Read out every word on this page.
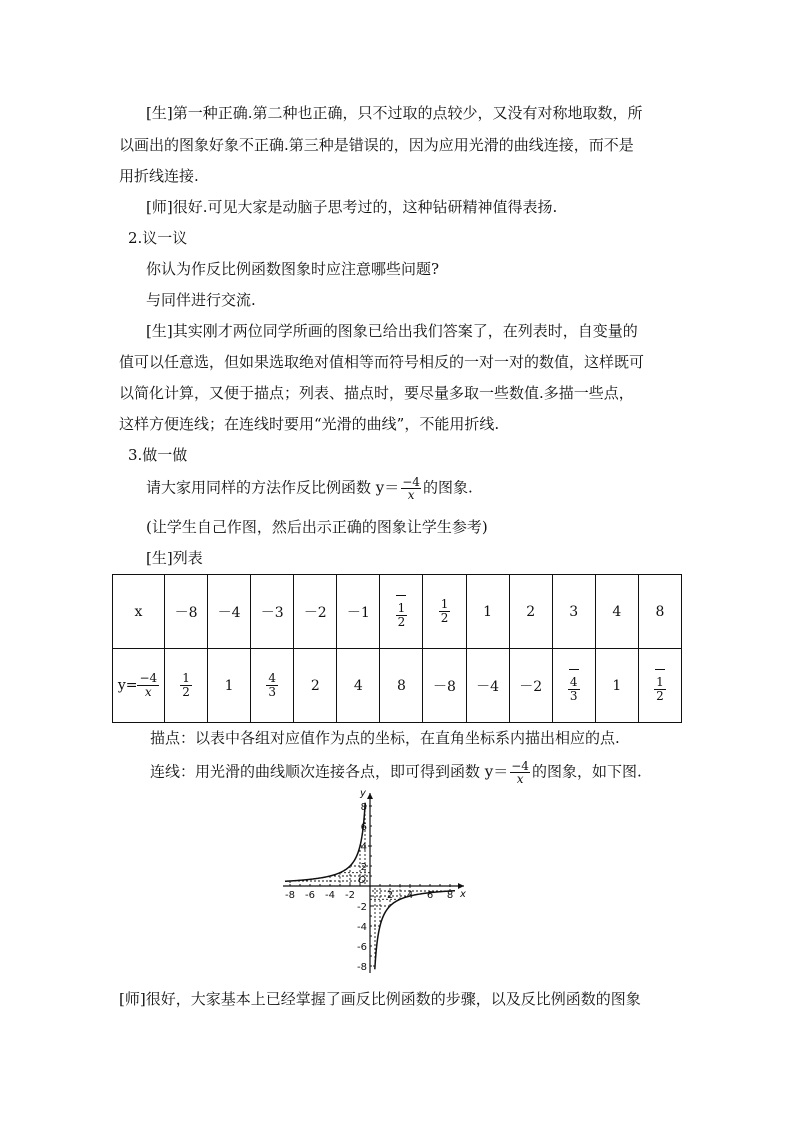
[生]第一种正确.第二种也正确，只不过取的点较少，又没有对称地取数，所
以画出的图象好象不正确.第三种是错误的，因为应用光滑的曲线连接，而不是
用折线连接.
[师]很好.可见大家是动脑子思考过的，这种钻研精神值得表扬.
2.议一议
你认为作反比例函数图象时应注意哪些问题?
与同伴进行交流.
[生]其实刚才两位同学所画的图象已给出我们答案了，在列表时，自变量的
值可以任意选，但如果选取绝对值相等而符号相反的一对一对的数值，这样既可
以简化计算，又便于描点；列表、描点时，要尽量多取一些数值.多描一些点，
这样方便连线；在连线时要用“光滑的曲线”，不能用折线.
3.做一做
请大家用同样的方法作反比例函数 $y= \frac{-4}{x}$ 的图象.
(让学生自己作图，然后出示正确的图象让学生参考)
[生]列表
x	－8	－4	－3	－2	－1	$\frac{1}{2}$	$\frac{1}{2}$	1	2	3	4	8
$y= \frac{-4}{x}$	$\frac{1}{2}$	1	$\frac{4}{3}$	2	4	8	－8	－4	－2	$\frac{4}{3}$	1	$\frac{1}{2}$
描点：以表中各组对应值作为点的坐标，在直角坐标系内描出相应的点.
连线：用光滑的曲线顺次连接各点，即可得到函数 $y= \frac{-4}{x}$ 的图象，如下图.
-8 -6 -4 -2	2 4 6 8
8
6
4
2
-2
-4
-6
-8
O
x
y
[师]很好，大家基本上已经掌握了画反比例函数的步骤，以及反比例函数的图象
